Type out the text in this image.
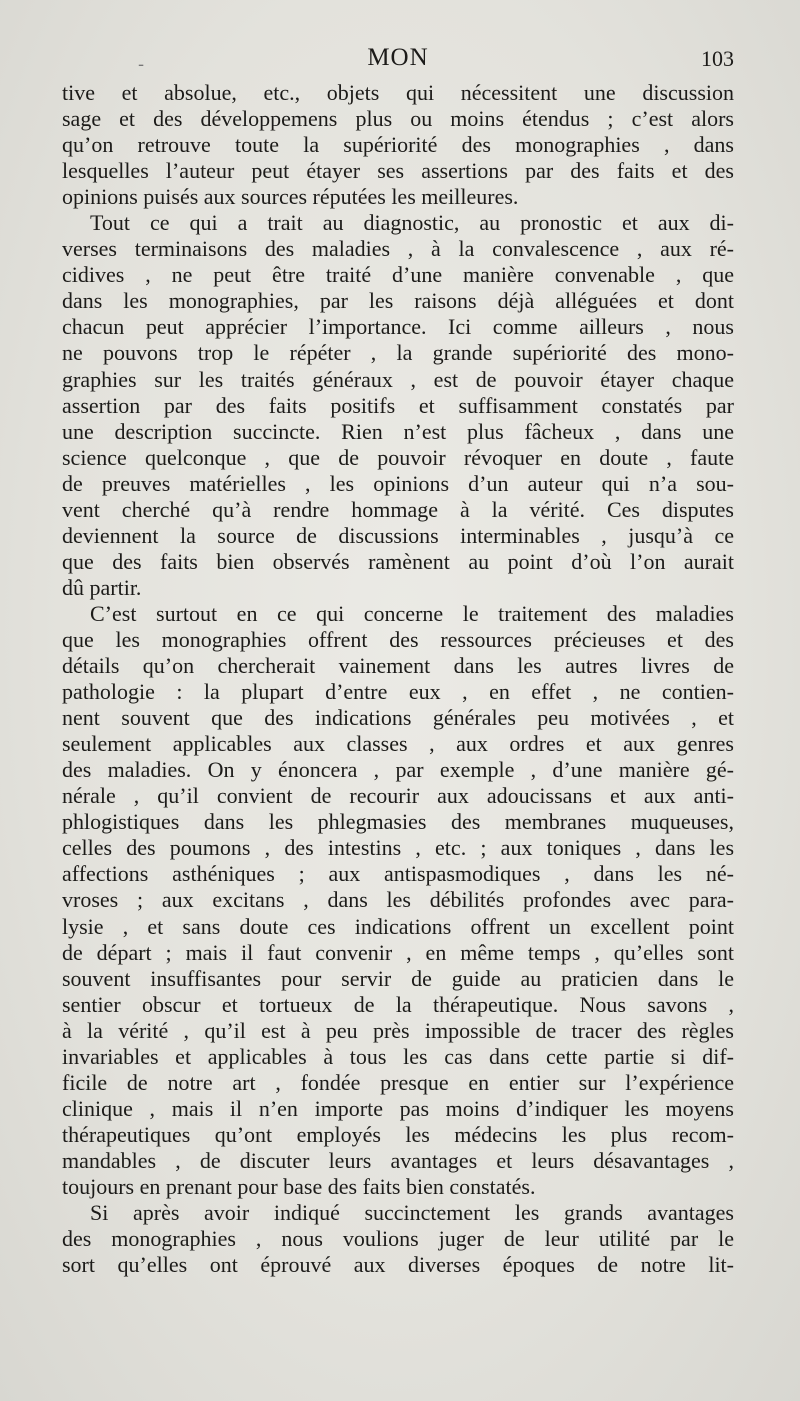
-	MON	103
tive et absolue, etc., objets qui nécessitent une discussion
sage et des développemens plus ou moins étendus ; c’est alors
qu’on retrouve toute la supériorité des monographies , dans
lesquelles l’auteur peut étayer ses assertions par des faits et des
opinions puisés aux sources réputées les meilleures.
Tout ce qui a trait au diagnostic, au pronostic et aux di-
verses terminaisons des maladies , à la convalescence , aux ré-
cidives , ne peut être traité d’une manière convenable , que
dans les monographies, par les raisons déjà alléguées et dont
chacun peut apprécier l’importance. Ici comme ailleurs , nous
ne pouvons trop le répéter , la grande supériorité des mono-
graphies sur les traités généraux , est de pouvoir étayer chaque
assertion par des faits positifs et suffisamment constatés par
une description succincte. Rien n’est plus fâcheux , dans une
science quelconque , que de pouvoir révoquer en doute , faute
de preuves matérielles , les opinions d’un auteur qui n’a sou-
vent cherché qu’à rendre hommage à la vérité. Ces disputes
deviennent la source de discussions interminables , jusqu’à ce
que des faits bien observés ramènent au point d’où l’on aurait
dû partir.
C’est surtout en ce qui concerne le traitement des maladies
que les monographies offrent des ressources précieuses et des
détails qu’on chercherait vainement dans les autres livres de
pathologie : la plupart d’entre eux , en effet , ne contien-
nent souvent que des indications générales peu motivées , et
seulement applicables aux classes , aux ordres et aux genres
des maladies. On y énoncera , par exemple , d’une manière gé-
nérale , qu’il convient de recourir aux adoucissans et aux anti-
phlogistiques dans les phlegmasies des membranes muqueuses,
celles des poumons , des intestins , etc. ; aux toniques , dans les
affections asthéniques ; aux antispasmodiques , dans les né-
vroses ; aux excitans , dans les débilités profondes avec para-
lysie , et sans doute ces indications offrent un excellent point
de départ ; mais il faut convenir , en même temps , qu’elles sont
souvent insuffisantes pour servir de guide au praticien dans le
sentier obscur et tortueux de la thérapeutique. Nous savons ,
à la vérité , qu’il est à peu près impossible de tracer des règles
invariables et applicables à tous les cas dans cette partie si dif-
ficile de notre art , fondée presque en entier sur l’expérience
clinique , mais il n’en importe pas moins d’indiquer les moyens
thérapeutiques qu’ont employés les médecins les plus recom-
mandables , de discuter leurs avantages et leurs désavantages ,
toujours en prenant pour base des faits bien constatés.
Si après avoir indiqué succinctement les grands avantages
des monographies , nous voulions juger de leur utilité par le
sort qu’elles ont éprouvé aux diverses époques de notre lit-
